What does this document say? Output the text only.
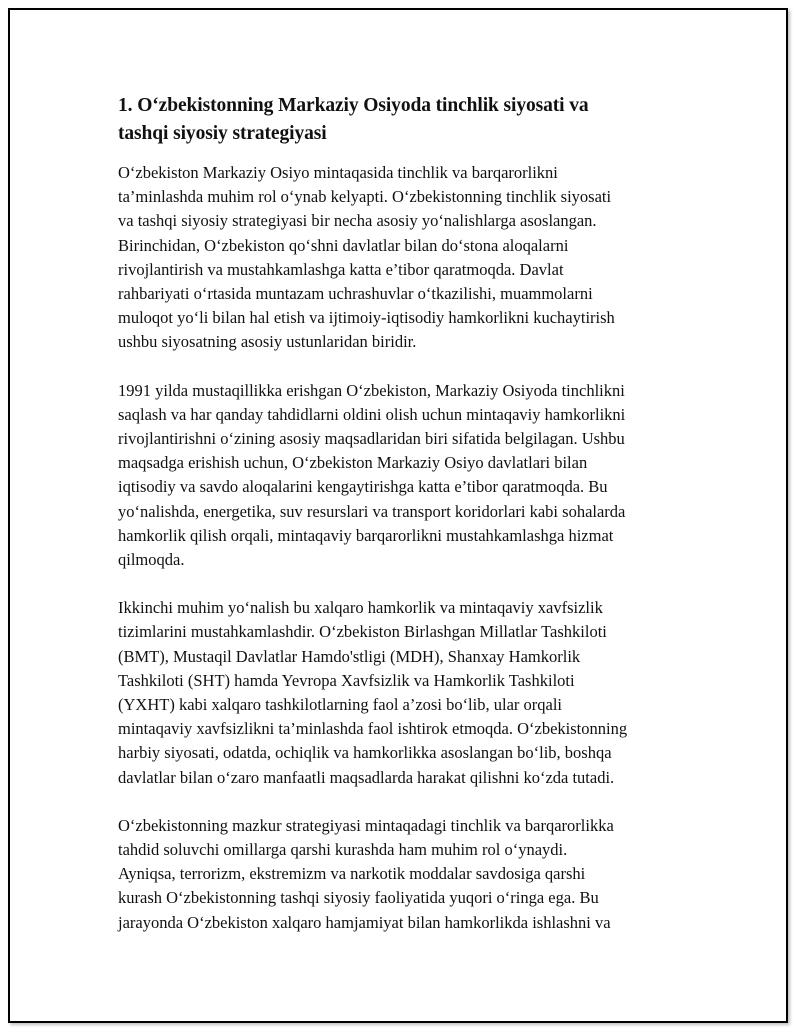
1. O‘zbekistonning Markaziy Osiyoda tinchlik siyosati va
tashqi siyosiy strategiyasi

O‘zbekiston Markaziy Osiyo mintaqasida tinchlik va barqarorlikni
ta’minlashda muhim rol o‘ynab kelyapti. O‘zbekistonning tinchlik siyosati
va tashqi siyosiy strategiyasi bir necha asosiy yo‘nalishlarga asoslangan.
Birinchidan, O‘zbekiston qo‘shni davlatlar bilan do‘stona aloqalarni
rivojlantirish va mustahkamlashga katta e’tibor qaratmoqda. Davlat
rahbariyati o‘rtasida muntazam uchrashuvlar o‘tkazilishi, muammolarni
muloqot yo‘li bilan hal etish va ijtimoiy-iqtisodiy hamkorlikni kuchaytirish
ushbu siyosatning asosiy ustunlaridan biridir.

1991 yilda mustaqillikka erishgan O‘zbekiston, Markaziy Osiyoda tinchlikni
saqlash va har qanday tahdidlarni oldini olish uchun mintaqaviy hamkorlikni
rivojlantirishni o‘zining asosiy maqsadlaridan biri sifatida belgilagan. Ushbu
maqsadga erishish uchun, O‘zbekiston Markaziy Osiyo davlatlari bilan
iqtisodiy va savdo aloqalarini kengaytirishga katta e’tibor qaratmoqda. Bu
yo‘nalishda, energetika, suv resurslari va transport koridorlari kabi sohalarda
hamkorlik qilish orqali, mintaqaviy barqarorlikni mustahkamlashga hizmat
qilmoqda.

Ikkinchi muhim yo‘nalish bu xalqaro hamkorlik va mintaqaviy xavfsizlik
tizimlarini mustahkamlashdir. O‘zbekiston Birlashgan Millatlar Tashkiloti
(BMT), Mustaqil Davlatlar Hamdo'stligi (MDH), Shanxay Hamkorlik
Tashkiloti (SHT) hamda Yevropa Xavfsizlik va Hamkorlik Tashkiloti
(YXHT) kabi xalqaro tashkilotlarning faol a’zosi bo‘lib, ular orqali
mintaqaviy xavfsizlikni ta’minlashda faol ishtirok etmoqda. O‘zbekistonning
harbiy siyosati, odatda, ochiqlik va hamkorlikka asoslangan bo‘lib, boshqa
davlatlar bilan o‘zaro manfaatli maqsadlarda harakat qilishni ko‘zda tutadi.

O‘zbekistonning mazkur strategiyasi mintaqadagi tinchlik va barqarorlikka
tahdid soluvchi omillarga qarshi kurashda ham muhim rol o‘ynaydi.
Ayniqsa, terrorizm, ekstremizm va narkotik moddalar savdosiga qarshi
kurash O‘zbekistonning tashqi siyosiy faoliyatida yuqori o‘ringa ega. Bu
jarayonda O‘zbekiston xalqaro hamjamiyat bilan hamkorlikda ishlashni va
